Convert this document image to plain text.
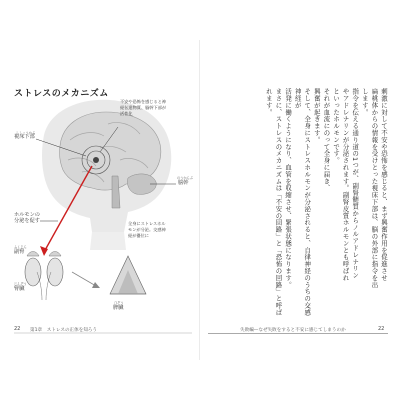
ストレスのメカニズム
ししょうかぶ
視床下部
のうかんぶ
脳幹
不安や恐怖を感じると神
経伝達物質、脳幹下部が
活性化
ホルモンの
分泌を促す
ふくじん
副腎
じんぞう
腎臓
全身にストレスホル
モンが分泌。交感神
経が優位に
ひぞう
脾臓
22 第1章　ストレスの正体を知ろう

刺激に対して不安や恐怖を感じると、まず興奮作用を促進させ

扁桃体からの情報を受けとった視床下部は、脳の外部に指令を出

します。

指令を伝える通り道の1つが、副腎髄質からノルアドレナリン

やアドレナリンが分泌されます。副腎皮質ホルモンとも呼ばれ

といったホルモンです。

それが血流にのって全身に届き、

興奮が起きます。

そして、全身にストレスホルモンが分泌されると、自律神経のうちの交感神経が

活発に働くようになり、血管を収縮させ、緊張状態になります。

まさに、ストレスのメカニズムは「不安の回路」と「恐怖の回路」と呼ばれます。

失敗編—なぜ失敗をすると不安に感じてしまうのか	22
